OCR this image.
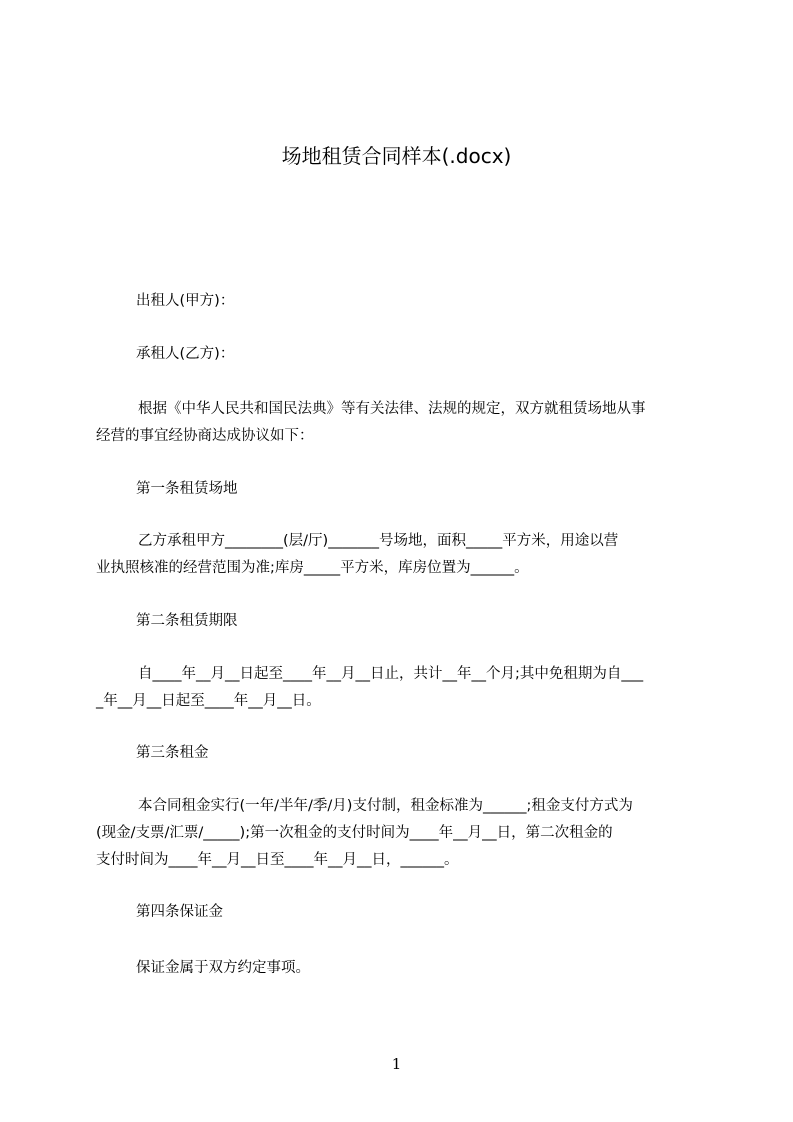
场地租赁合同样本(.docx)

出租人(甲方)：

承租人(乙方)：

根据《中华人民共和国民法典》等有关法律、法规的规定，双方就租赁场地从事
经营的事宜经协商达成协议如下：

第一条租赁场地

乙方承租甲方________(层/厅)_______号场地，面积_____平方米，用途以营
业执照核准的经营范围为准;库房_____平方米，库房位置为______。

第二条租赁期限

自____年__月__日起至____年__月__日止，共计__年__个月;其中免租期为自___
_年__月__日起至____年__月__日。

第三条租金

本合同租金实行(一年/半年/季/月)支付制，租金标准为______;租金支付方式为
(现金/支票/汇票/_____);第一次租金的支付时间为____年__月__日，第二次租金的
支付时间为____年__月__日至____年__月__日，______。

第四条保证金

保证金属于双方约定事项。

1
